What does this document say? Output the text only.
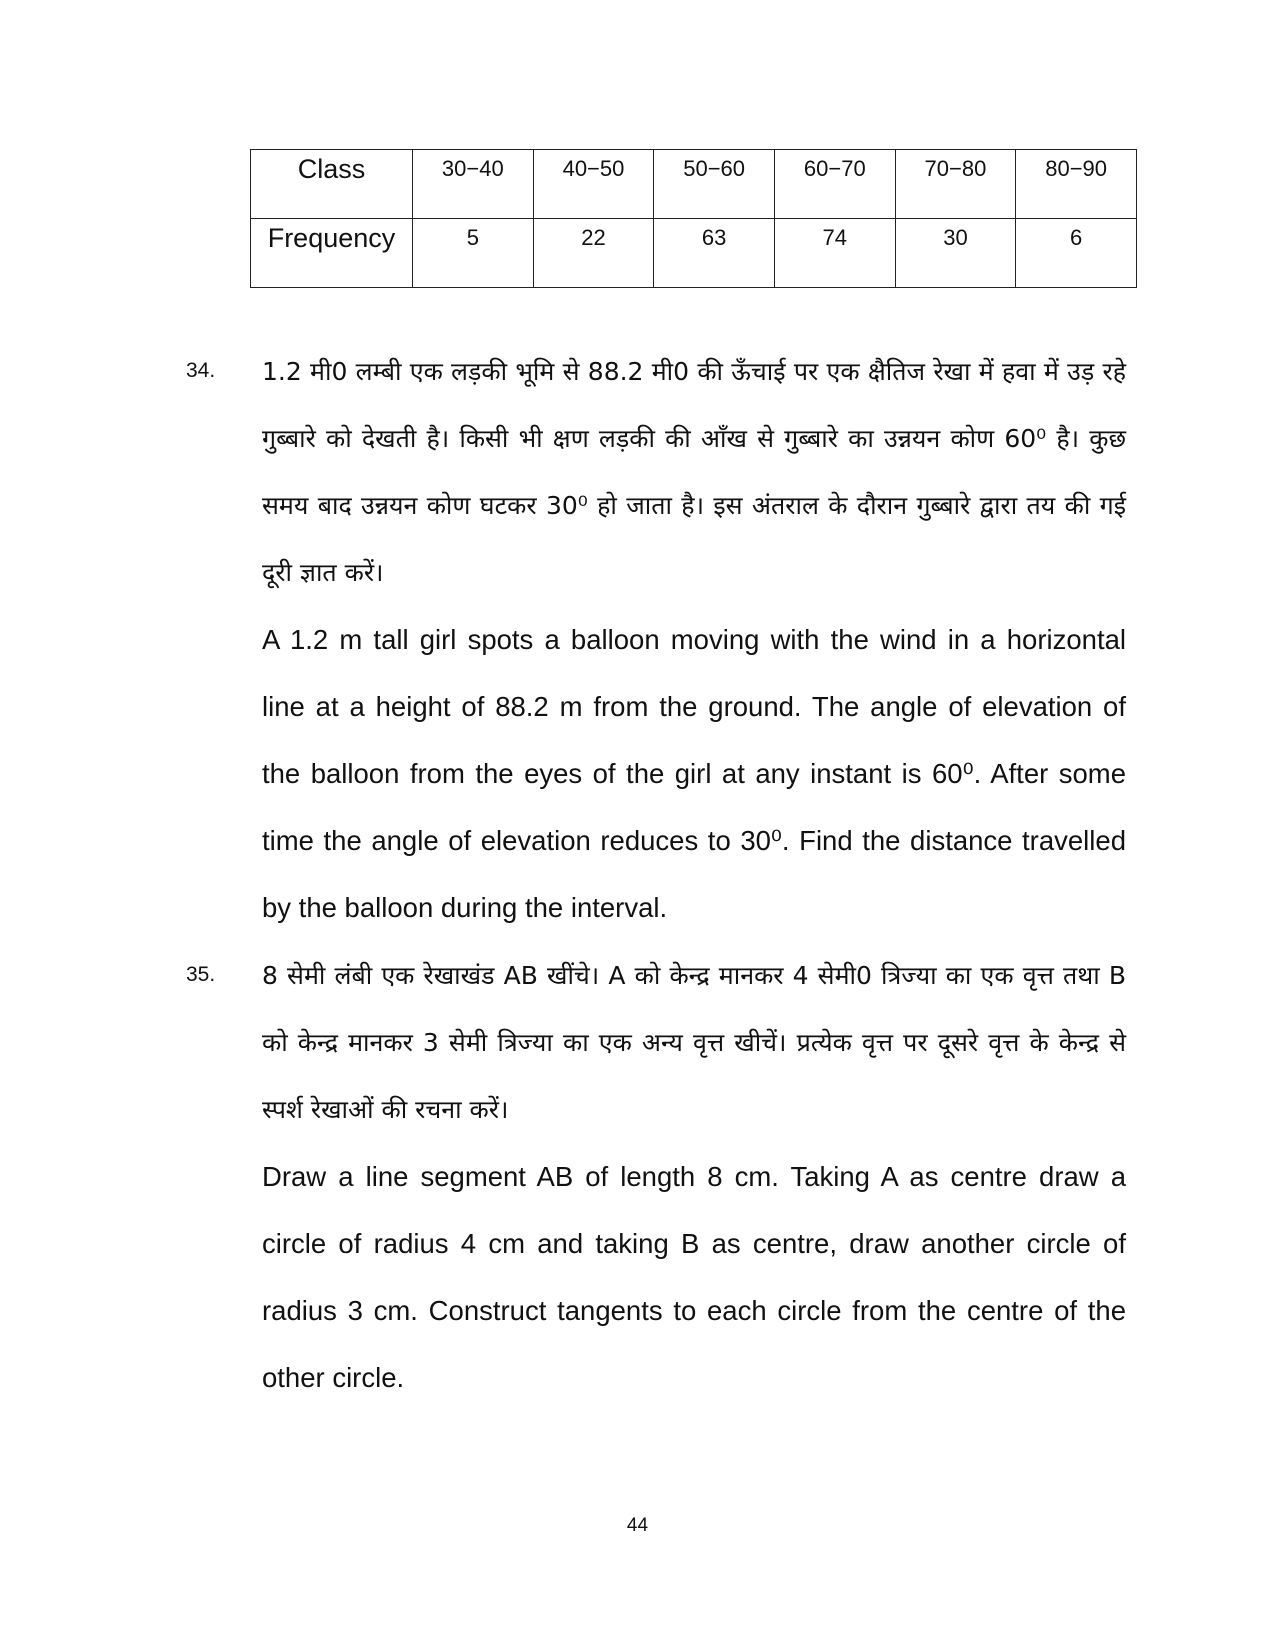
Class	30−40	40−50	50−60	60−70	70−80	80−90
Frequency	5	22	63	74	30	6
34. 1.2 मी0 लम्बी एक लड़की भूमि से 88.2 मी0 की ऊँचाई पर एक क्षैतिज रेखा में हवा में उड़ रहे गुब्बारे को देखती है। किसी भी क्षण लड़की की आँख से गुब्बारे का उन्नयन कोण 60⁰ है। कुछ समय बाद उन्नयन कोण घटकर 30⁰ हो जाता है। इस अंतराल के दौरान गुब्बारे द्वारा तय की गई दूरी ज्ञात करें।

A 1.2 m tall girl spots a balloon moving with the wind in a horizontal line at a height of 88.2 m from the ground. The angle of elevation of the balloon from the eyes of the girl at any instant is 60⁰. After some time the angle of elevation reduces to 30⁰. Find the distance travelled by the balloon during the interval.

35. 8 सेमी लंबी एक रेखाखंड AB खींचे। A को केन्द्र मानकर 4 सेमी0 त्रिज्या का एक वृत्त तथा B को केन्द्र मानकर 3 सेमी त्रिज्या का एक अन्य वृत्त खीचें। प्रत्येक वृत्त पर दूसरे वृत्त के केन्द्र से स्पर्श रेखाओं की रचना करें।

Draw a line segment AB of length 8 cm. Taking A as centre draw a circle of radius 4 cm and taking B as centre, draw another circle of radius 3 cm. Construct tangents to each circle from the centre of the other circle.

44
